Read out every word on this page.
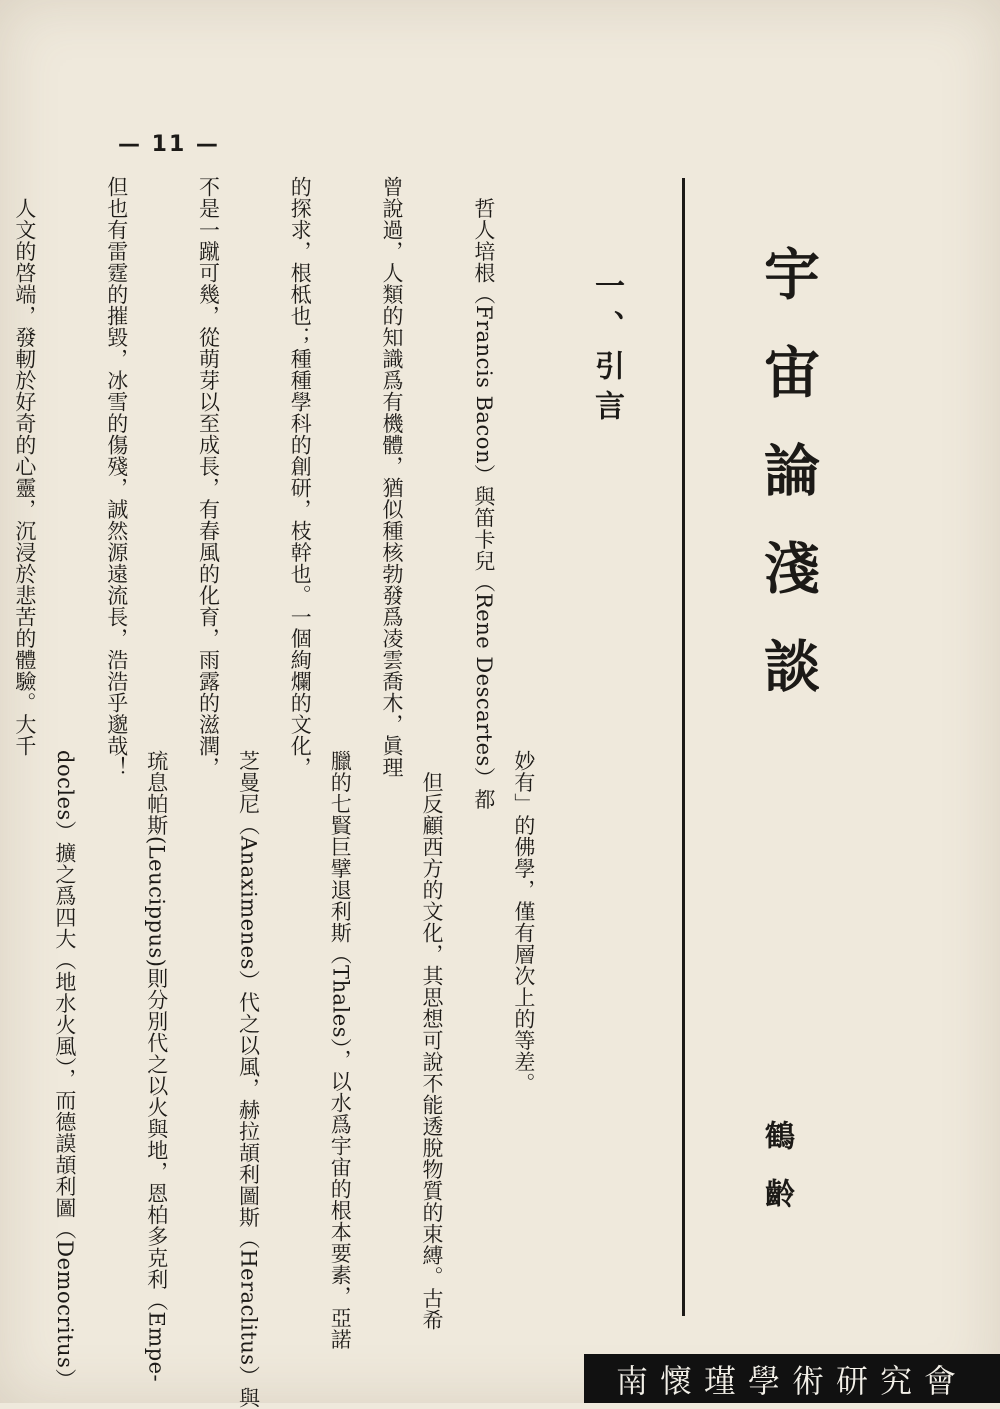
— 11 —
宇宙論淺談
鶴齡
一、引言

　哲人培根（Francis Bacon）與笛卡兒（Rene Descartes）都

曾說過，人類的知識爲有機體，猶似種核勃發爲凌雲喬木，眞理

的探求，根柢也；種種學科的創研，枝幹也。一個絢爛的文化，

不是一蹴可幾，從萌芽以至成長，有春風的化育，雨露的滋潤，

但也有雷霆的摧毀，冰雪的傷殘，誠然源遠流長，浩浩乎邈哉！

　人文的啓端，發軔於好奇的心靈，沉浸於悲苦的體驗。大千

妙有」的佛學，僅有層次上的等差。

　但反顧西方的文化，其思想可說不能透脫物質的束縛。古希

臘的七賢巨擘退利斯（Thales），以水爲宇宙的根本要素，亞諾

芝曼尼（Anaximenes）代之以風，赫拉頡利圖斯（Heraclitus）與

琉息帕斯(Leucippus)則分別代之以火與地，恩柏多克利（Empe-

docles）擴之爲四大（地水火風），而德謨頡利圖（Democritus）

	南懷瑾學術研究會
